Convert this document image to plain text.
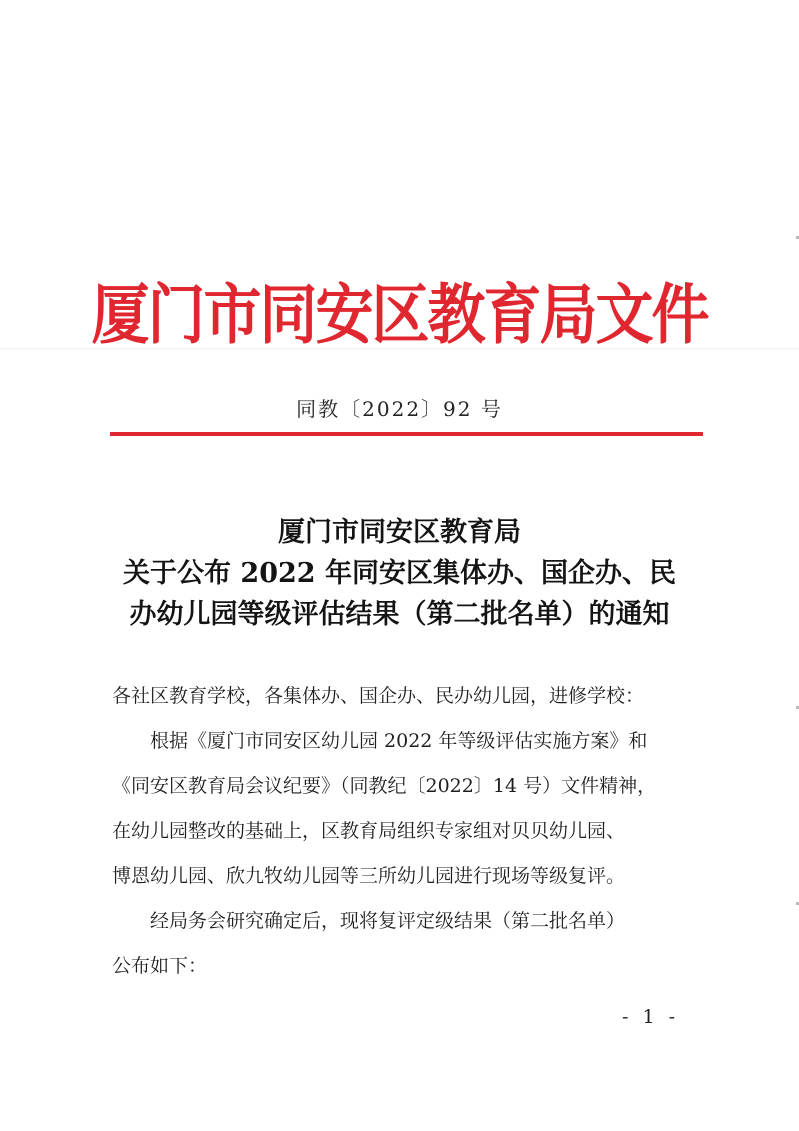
厦门市同安区教育局文件
同教〔2022〕92 号
厦门市同安区教育局
关于公布 2022 年同安区集体办、国企办、民
办幼儿园等级评估结果（第二批名单）的通知

各社区教育学校，各集体办、国企办、民办幼儿园，进修学校：

根据《厦门市同安区幼儿园 2022 年等级评估实施方案》和

《同安区教育局会议纪要》（同教纪〔2022〕14 号）文件精神，

在幼儿园整改的基础上，区教育局组织专家组对贝贝幼儿园、

博恩幼儿园、欣九牧幼儿园等三所幼儿园进行现场等级复评。

经局务会研究确定后，现将复评定级结果（第二批名单）

公布如下：

- 1 -
